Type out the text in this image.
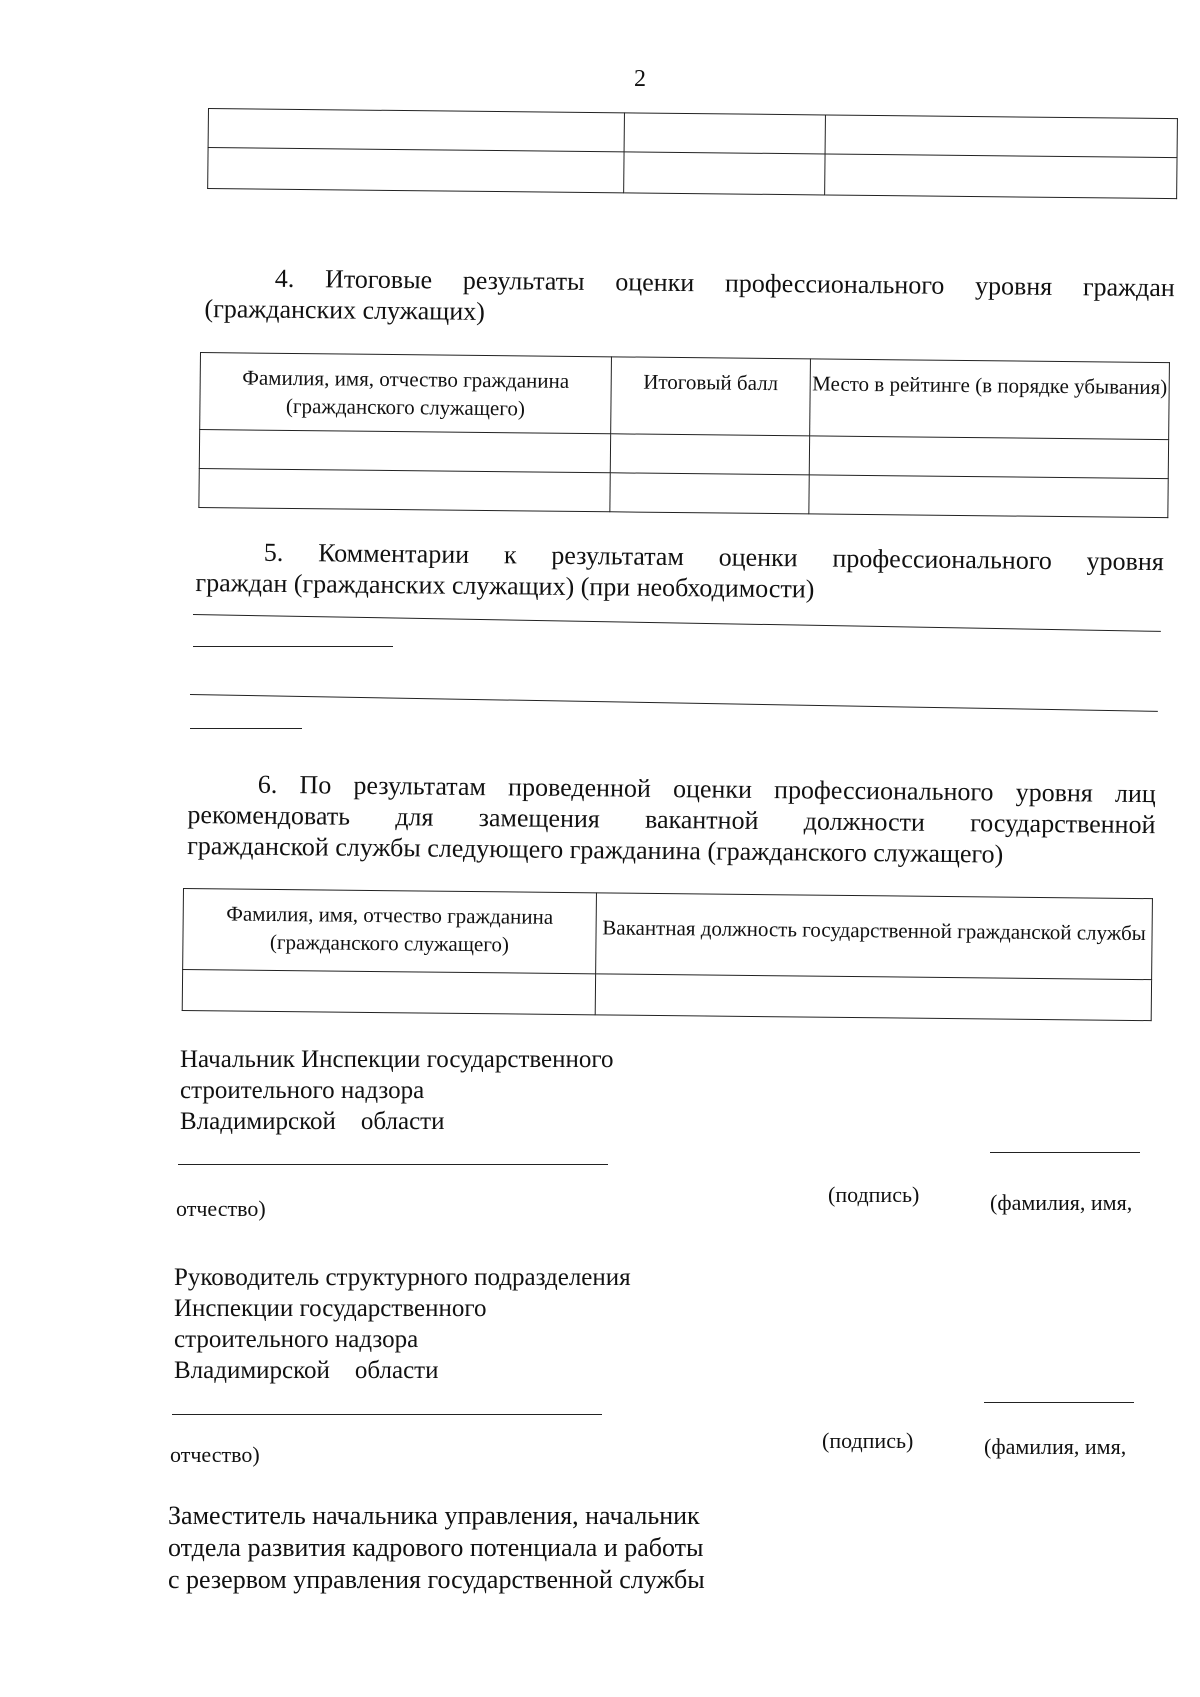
2

4. Итоговые результаты оценки профессионального уровня граждан
(гражданских служащих)
Фамилия, имя, отчество гражданина (гражданского служащего)	Итоговый балл	Место в рейтинге (в порядке убывания)

5. Комментарии к результатам оценки профессионального уровня
граждан (гражданских служащих) (при необходимости)
6. По результатам проведенной оценки профессионального уровня лиц
рекомендовать для замещения вакантной должности государственной
гражданской службы следующего гражданина (гражданского служащего)
Фамилия, имя, отчество гражданина (гражданского служащего)	Вакантная должность государственной гражданской службы

Начальник Инспекции государственного
строительного надзора
Владимирской    области
(подпись)	(фамилия, имя,
отчество)
Руководитель структурного подразделения
Инспекции государственного
строительного надзора
Владимирской    области
(подпись)	(фамилия, имя,
отчество)
Заместитель начальника управления, начальник
отдела развития кадрового потенциала и работы
с резервом управления государственной службы
